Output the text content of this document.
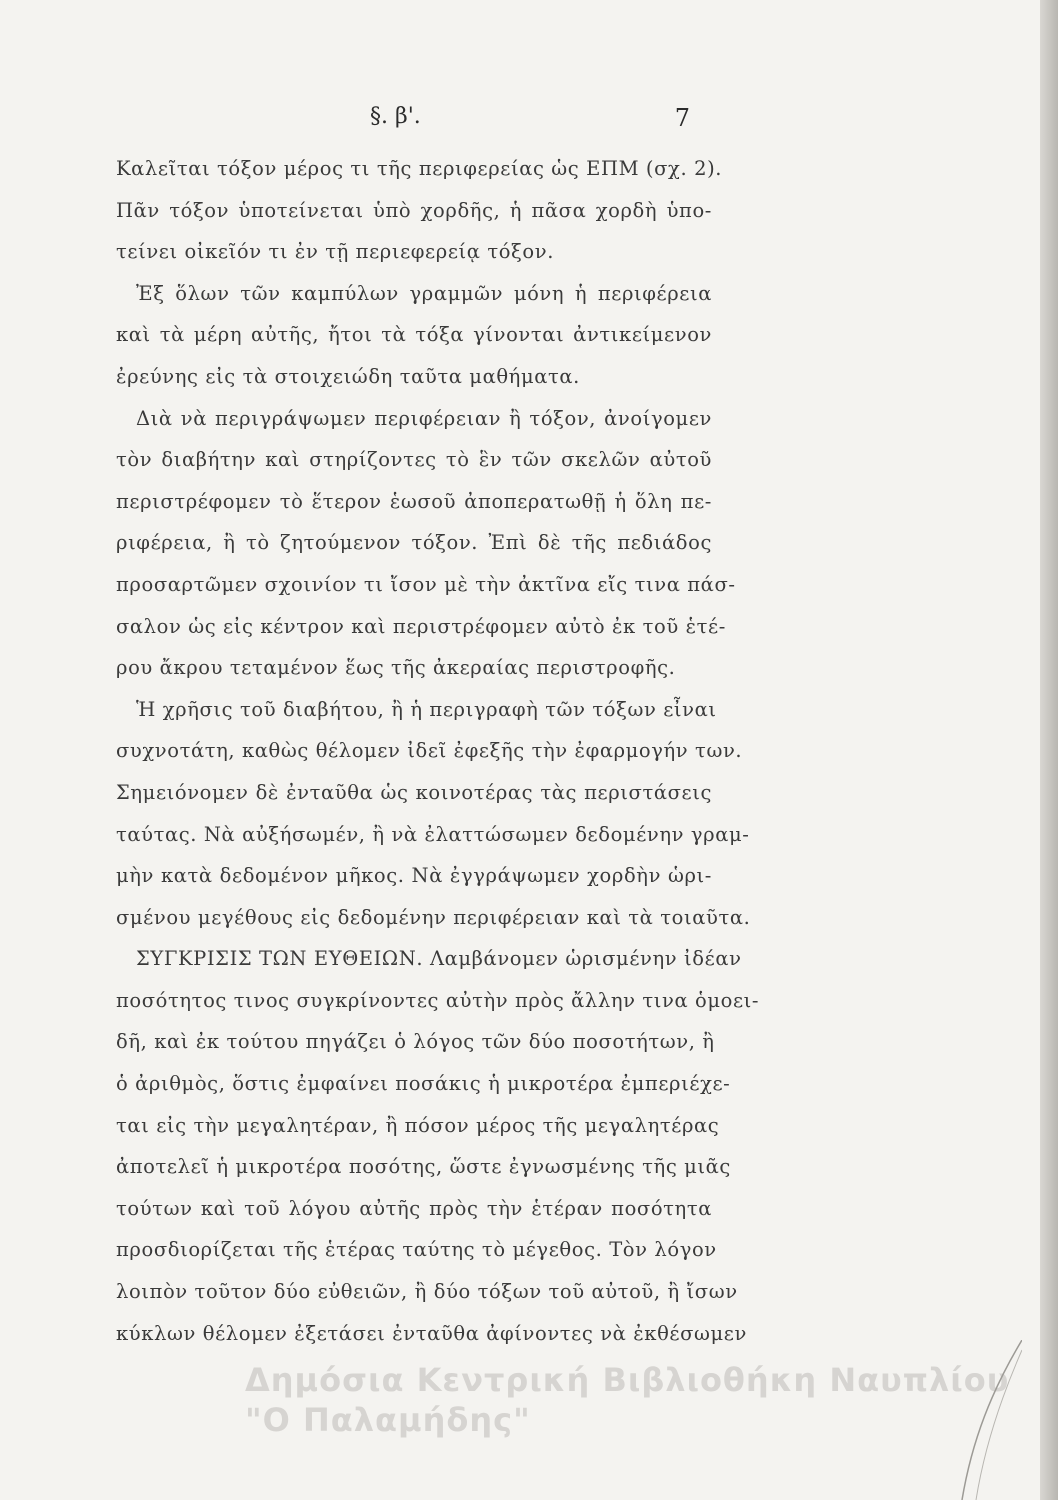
§. β'.	7
Καλεῖται τόξον μέρος τι τῆς περιφερείας ὡς ΕΠΜ (σχ. 2).
Πᾶν τόξον ὑποτείνεται ὑπὸ χορδῆς, ἡ πᾶσα χορδὴ ὑπο-
τείνει οἰκεῖόν τι ἐν τῇ περιεφερείᾳ τόξον.
Ἐξ ὅλων τῶν καμπύλων γραμμῶν μόνη ἡ περιφέρεια
καὶ τὰ μέρη αὐτῆς, ἤτοι τὰ τόξα γίνονται ἀντικείμενον
ἐρεύνης εἰς τὰ στοιχειώδη ταῦτα μαθήματα.
Διὰ νὰ περιγράψωμεν περιφέρειαν ἢ τόξον, ἀνοίγομεν
τὸν διαβήτην καὶ στηρίζοντες τὸ ἓν τῶν σκελῶν αὐτοῦ
περιστρέφομεν τὸ ἕτερον ἑωσοῦ ἀποπερατωθῇ ἡ ὅλη πε-
ριφέρεια, ἢ τὸ ζητούμενον τόξον. Ἐπὶ δὲ τῆς πεδιάδος
προσαρτῶμεν σχοινίον τι ἴσον μὲ τὴν ἀκτῖνα εἴς τινα πάσ-
σαλον ὡς εἰς κέντρον καὶ περιστρέφομεν αὐτὸ ἐκ τοῦ ἑτέ-
ρου ἄκρου τεταμένον ἕως τῆς ἀκεραίας περιστροφῆς.
Ἡ χρῆσις τοῦ διαβήτου, ἢ ἡ περιγραφὴ τῶν τόξων εἶναι
συχνοτάτη, καθὼς θέλομεν ἰδεῖ ἐφεξῆς τὴν ἐφαρμογήν των.
Σημειόνομεν δὲ ἐνταῦθα ὡς κοινοτέρας τὰς περιστάσεις
ταύτας. Νὰ αὐξήσωμέν, ἢ νὰ ἐλαττώσωμεν δεδομένην γραμ-
μὴν κατὰ δεδομένον μῆκος. Νὰ ἐγγράψωμεν χορδὴν ὡρι-
σμένου μεγέθους εἰς δεδομένην περιφέρειαν καὶ τὰ τοιαῦτα.
ΣΥΓΚΡΙΣΙΣ ΤΩΝ ΕΥΘΕΙΩΝ. Λαμβάνομεν ὡρισμένην ἰδέαν
ποσότητος τινος συγκρίνοντες αὐτὴν πρὸς ἄλλην τινα ὁμοει-
δῆ, καὶ ἐκ τούτου πηγάζει ὁ λόγος τῶν δύο ποσοτήτων, ἢ
ὁ ἀριθμὸς, ὅστις ἐμφαίνει ποσάκις ἡ μικροτέρα ἐμπεριέχε-
ται εἰς τὴν μεγαλητέραν, ἢ πόσον μέρος τῆς μεγαλητέρας
ἀποτελεῖ ἡ μικροτέρα ποσότης, ὥστε ἐγνωσμένης τῆς μιᾶς
τούτων καὶ τοῦ λόγου αὐτῆς πρὸς τὴν ἑτέραν ποσότητα
προσδιορίζεται τῆς ἑτέρας ταύτης τὸ μέγεθος. Τὸν λόγον
λοιπὸν τοῦτον δύο εὐθειῶν, ἢ δύο τόξων τοῦ αὐτοῦ, ἢ ἴσων
κύκλων θέλομεν ἐξετάσει ἐνταῦθα ἀφίνοντες νὰ ἐκθέσωμεν
Δημόσια Κεντρική Βιβλιοθήκη Ναυπλίου
"Ο Παλαμήδης"
